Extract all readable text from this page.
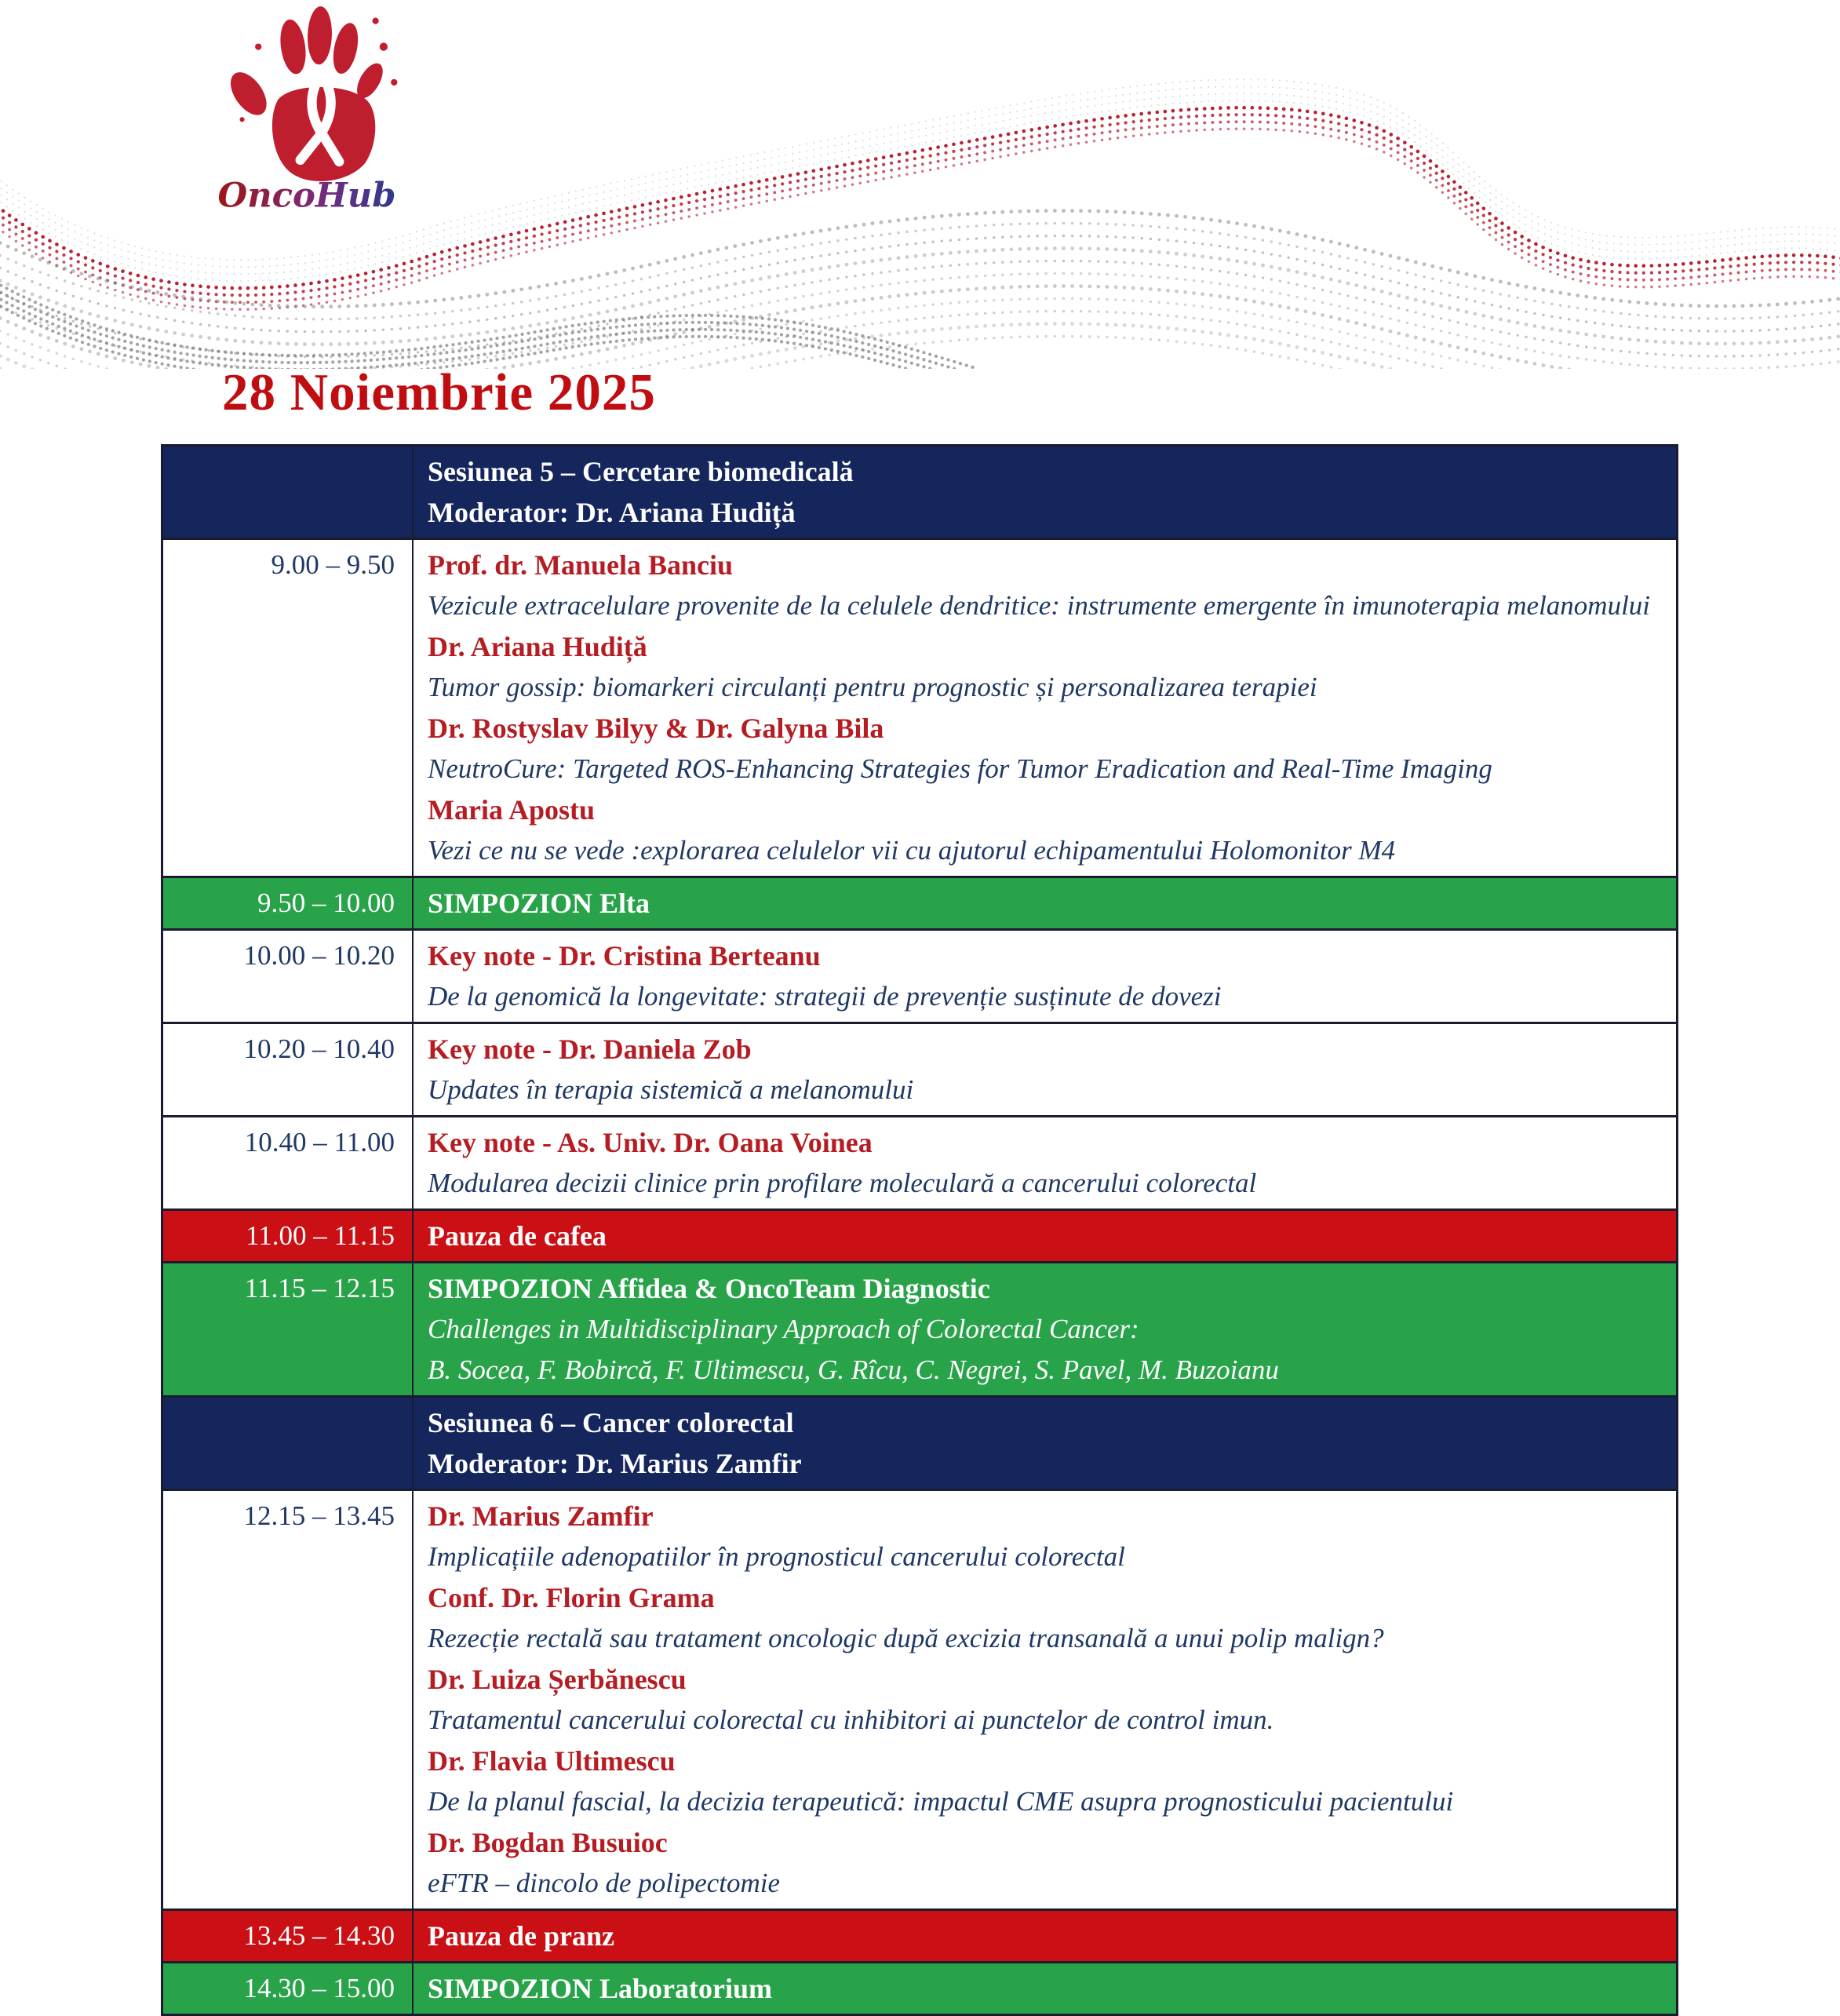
OncoHub
28 Noiembrie 2025
Sesiunea 5 – Cercetare biomedicală
Moderator: Dr. Ariana Hudiță
9.00 – 9.50	Prof. dr. Manuela Banciu
Vezicule extracelulare provenite de la celulele dendritice: instrumente emergente în imunoterapia melanomului
Dr. Ariana Hudiță
Tumor gossip: biomarkeri circulanți pentru prognostic și personalizarea terapiei
Dr. Rostyslav Bilyy & Dr. Galyna Bila
NeutroCure: Targeted ROS-Enhancing Strategies for Tumor Eradication and Real-Time Imaging
Maria Apostu
Vezi ce nu se vede :explorarea celulelor vii cu ajutorul echipamentului Holomonitor M4
9.50 – 10.00	SIMPOZION Elta
10.00 – 10.20	Key note - Dr. Cristina Berteanu
De la genomică la longevitate: strategii de prevenție susținute de dovezi
10.20 – 10.40	Key note - Dr. Daniela Zob
Updates în terapia sistemică a melanomului
10.40 – 11.00	Key note - As. Univ. Dr. Oana Voinea
Modularea decizii clinice prin profilare moleculară a cancerului colorectal
11.00 – 11.15	Pauza de cafea
11.15 – 12.15	SIMPOZION Affidea & OncoTeam Diagnostic
Challenges in Multidisciplinary Approach of Colorectal Cancer:
B. Socea, F. Bobircă, F. Ultimescu, G. Rîcu, C. Negrei, S. Pavel, M. Buzoianu
Sesiunea 6 – Cancer colorectal
Moderator: Dr. Marius Zamfir
12.15 – 13.45	Dr. Marius Zamfir
Implicațiile adenopatiilor în prognosticul cancerului colorectal
Conf. Dr. Florin Grama
Rezecție rectală sau tratament oncologic după excizia transanală a unui polip malign?
Dr. Luiza Șerbănescu
Tratamentul cancerului colorectal cu inhibitori ai punctelor de control imun.
Dr. Flavia Ultimescu
De la planul fascial, la decizia terapeutică: impactul CME asupra prognosticului pacientului
Dr. Bogdan Busuioc
eFTR – dincolo de polipectomie
13.45 – 14.30	Pauza de pranz
14.30 – 15.00	SIMPOZION Laboratorium
